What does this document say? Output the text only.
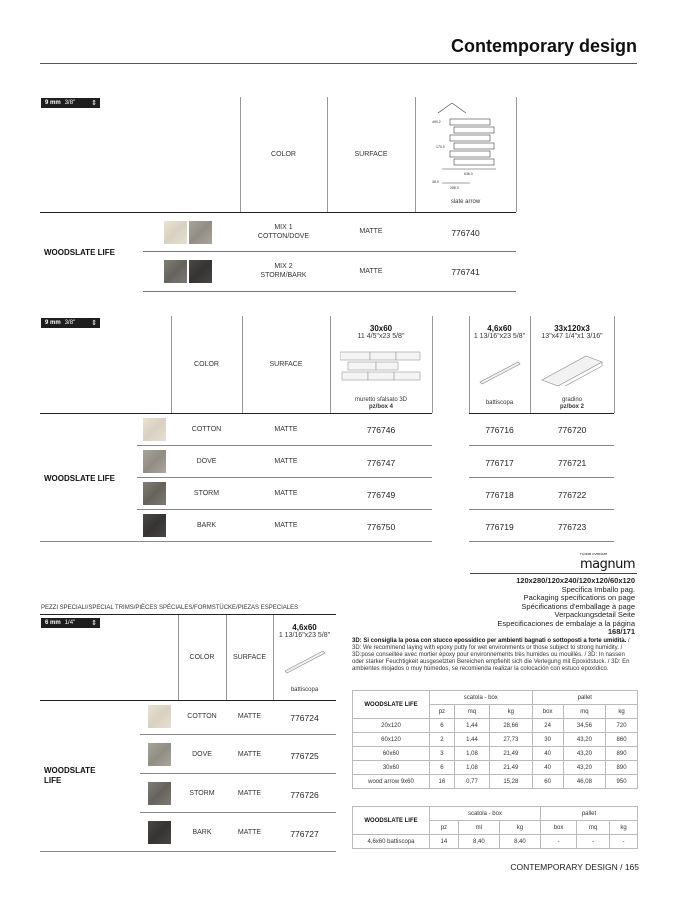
Contemporary design
9 mm 3/8" ⇕
COLOR	SURFACE
490.2
170.9
636.0
38.0
288.0
slate arrow
WOODSLATE LIFE
MIX 1
COTTON/DOVE
MATTE	776740
MIX 2
STORM/BARK
MATTE	776741
9 mm 3/8" ⇕
COLOR	SURFACE
30x60
11 4/5"x23 5/8"
muretto sfalsato 3D
pz/box 4
4,6x60
1 13/16"x23 5/8"
battiscopa
33x120x3
13"x47 1/4"x1 3/16"
gradino
pz/box 2
WOODSLATE LIFE
COTTON	MATTE	776746	776716	776720
DOVE	MATTE	776747	776717	776721
STORM	MATTE	776749	776718	776722
BARK	MATTE	776750	776719	776723
FLORIM OVERSIZE
magnum
120x280/120x240/120x120/60x120
Specifica Imballo pag.
Packaging specifications on page
Spécifications d'emballage à page
Verpackungsdetail Seite
Especificaciones de embalaje a la página
168/171
PEZZI SPECIALI/SPECIAL TRIMS/PIÈCES SPÉCIALES/FORMSTÜCKE/PIEZAS ESPECIALES
6 mm 1/4" ⇕
COLOR	SURFACE
4,6x60
1 13/16"x23 5/8"
battiscopa
WOODSLATE
LIFE
COTTON	MATTE	776724
DOVE	MATTE	776725
STORM	MATTE	776726
BARK	MATTE	776727
3D: Si consiglia la posa con stucco epossidico per ambienti bagnati o sottoposti a forte umidità. / 3D: We recommend laying with epoxy putty for wet environments or those subject to strong humidity. / 3D:pose conseillée avec mortier époxy pour environnements très humides ou mouillés. / 3D: In nassen oder starker Feuchtigkeit ausgesetzten Bereichen empfiehlt sich die Verlegung mit Epoxidstuck. / 3D: En ambientes mojados o muy húmedos, se recomienda realizar la colocación con estuco epoxídico.
WOODSLATE LIFE	scatola - box			pallet		
	pz	mq	kg	box	mq	kg
20x120	6	1,44	28,66	24	34,56	720
60x120	2	1,44	27,73	30	43,20	860
60x60	3	1,08	21,49	40	43,20	890
30x60	6	1,08	21,49	40	43,20	890
wood arrow 9x60	16	0,77	15,28	60	46,08	950
WOODSLATE LIFE	scatola - box			pallet		
	pz	ml	kg	box	mq	kg
4,6x60 battiscopa	14	8,40	8,40	-	-	-
CONTEMPORARY DESIGN / 165
